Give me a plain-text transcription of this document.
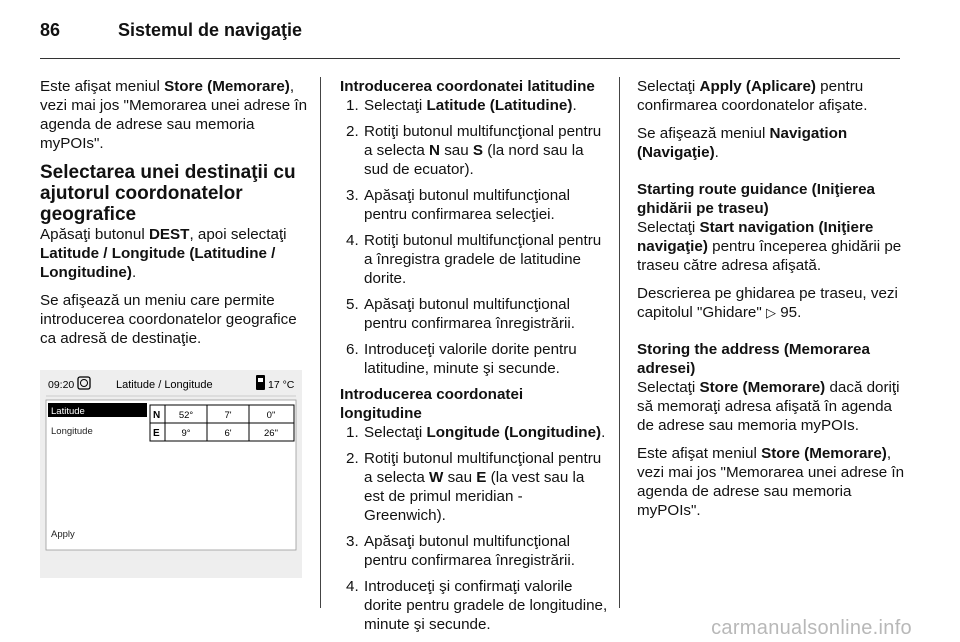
86	Sistemul de navigaţie

Este afişat meniul Store (Memorare), vezi mai jos "Memorarea unei adrese în agenda de adrese sau memoria myPOIs".

Selectarea unei destinaţii cu ajutorul coordonatelor geografice

Apăsaţi butonul DEST, apoi selectaţi Latitude / Longitude (Latitudine / Longitudine).

Se afişează un meniu care permite introducerea coordonatelor geografice ca adresă de destinaţie.

09:20	Latitude / Longitude	17 °C
Latitude
Longitude
Apply
N 52°	7'	0"
E 9°	6'	26"
Introducerea coordonatei latitudine
1. Selectaţi Latitude (Latitudine).
2. Rotiţi butonul multifuncţional pentru a selecta N sau S (la nord sau la sud de ecuator).
3. Apăsaţi butonul multifuncţional pentru confirmarea selecţiei.
4. Rotiţi butonul multifuncţional pentru a înregistra gradele de latitudine dorite.
5. Apăsaţi butonul multifuncţional pentru confirmarea înregistrării.
6. Introduceţi valorile dorite pentru latitudine, minute şi secunde.
Introducerea coordonatei longitudine
1. Selectaţi Longitude (Longitudine).
2. Rotiţi butonul multifuncţional pentru a selecta W sau E (la vest sau la est de primul meridian - Greenwich).
3. Apăsaţi butonul multifuncţional pentru confirmarea înregistrării.
4. Introduceţi şi confirmaţi valorile dorite pentru gradele de longitudine, minute şi secunde.

Selectaţi Apply (Aplicare) pentru confirmarea coordonatelor afişate.

Se afişează meniul Navigation (Navigaţie).

Starting route guidance (Iniţierea ghidării pe traseu)

Selectaţi Start navigation (Iniţiere navigaţie) pentru începerea ghidării pe traseu către adresa afişată.

Descrierea pe ghidarea pe traseu, vezi capitolul "Ghidare" ▷ 95.

Storing the address (Memorarea adresei)

Selectaţi Store (Memorare) dacă doriţi să memoraţi adresa afişată în agenda de adrese sau memoria myPOIs.

Este afişat meniul Store (Memorare), vezi mai jos "Memorarea unei adrese în agenda de adrese sau memoria myPOIs".

carmanualsonline.info
